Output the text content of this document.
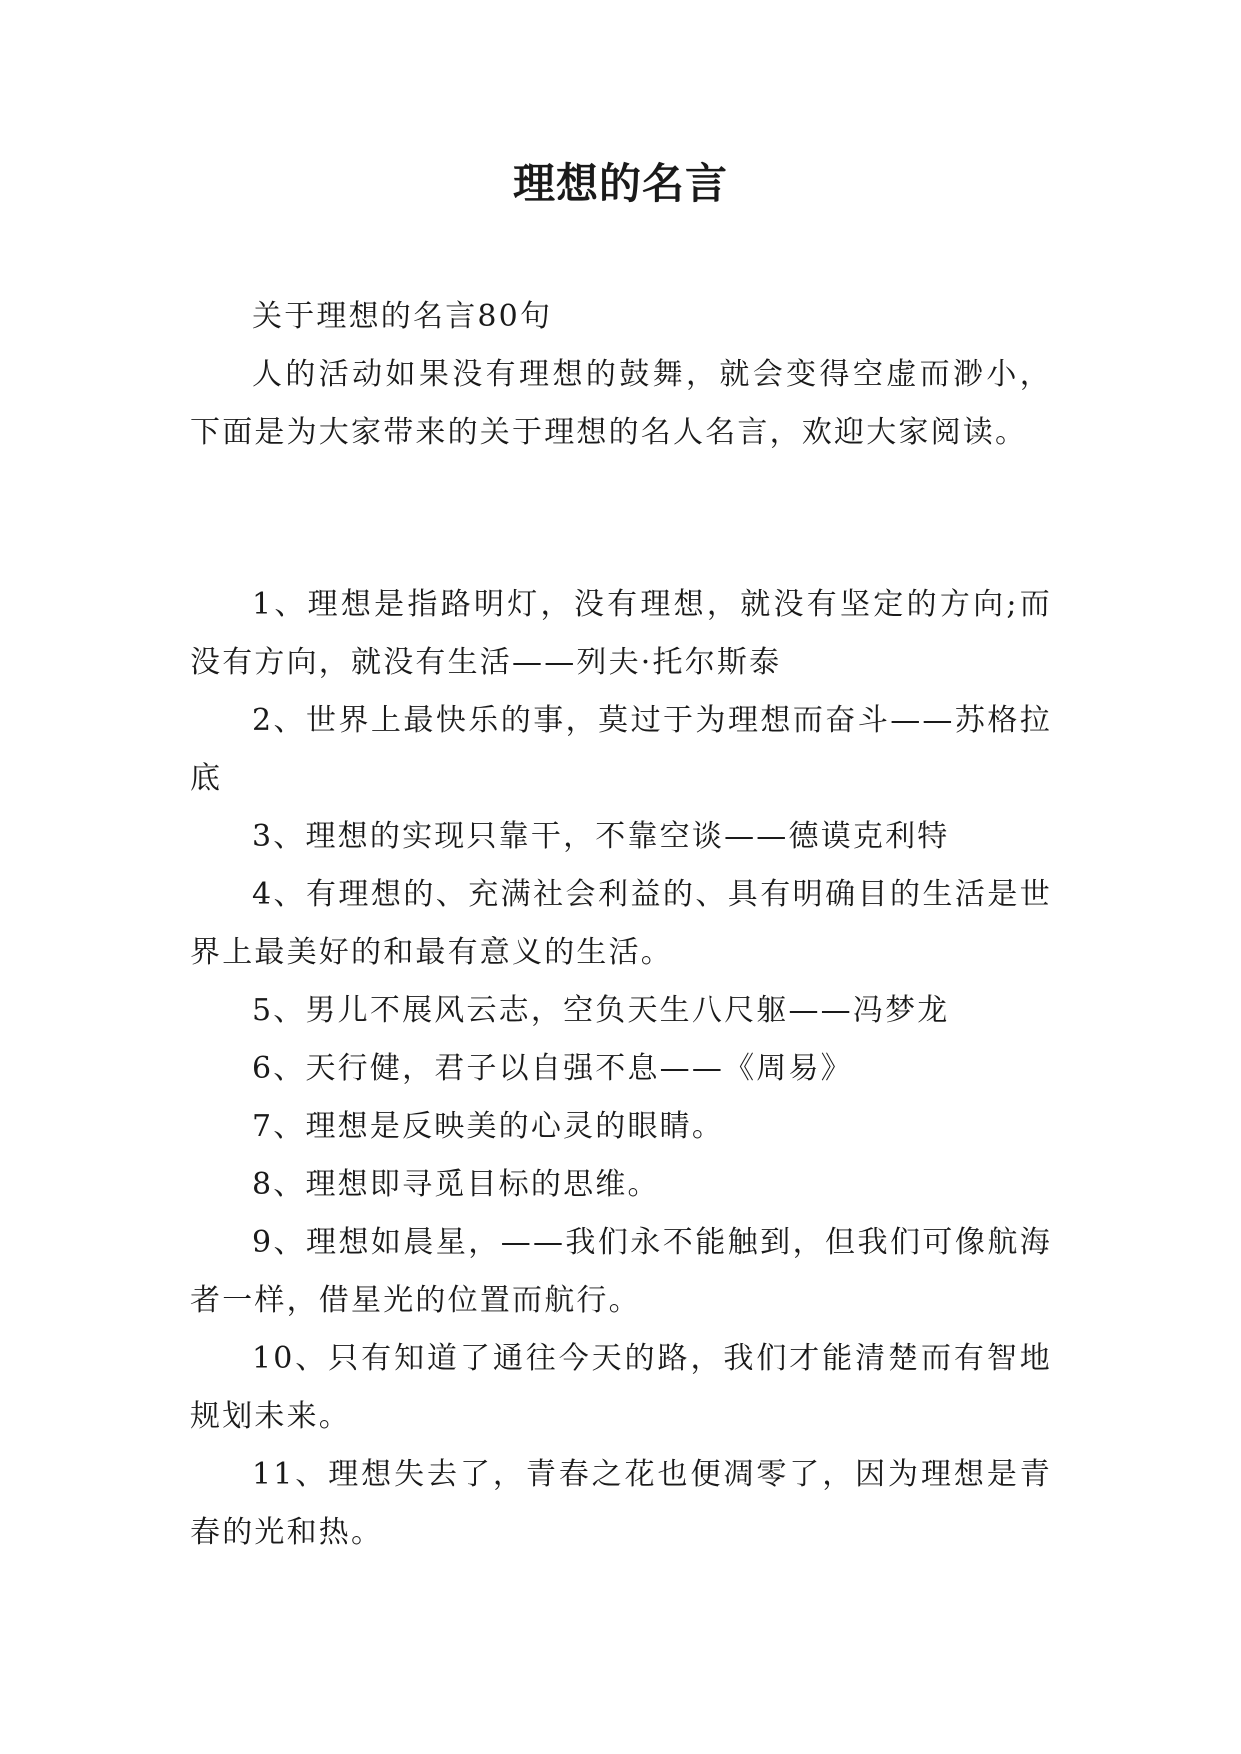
理想的名言

关于理想的名言80句

人的活动如果没有理想的鼓舞，就会变得空虚而渺小，下面是为大家带来的关于理想的名人名言，欢迎大家阅读。

1、理想是指路明灯，没有理想，就没有坚定的方向;而没有方向，就没有生活——列夫·托尔斯泰

2、世界上最快乐的事，莫过于为理想而奋斗——苏格拉底

3、理想的实现只靠干，不靠空谈——德谟克利特

4、有理想的、充满社会利益的、具有明确目的生活是世界上最美好的和最有意义的生活。

5、男儿不展风云志，空负天生八尺躯——冯梦龙

6、天行健，君子以自强不息——《周易》

7、理想是反映美的心灵的眼睛。

8、理想即寻觅目标的思维。

9、理想如晨星，——我们永不能触到，但我们可像航海者一样，借星光的位置而航行。

10、只有知道了通往今天的路，我们才能清楚而有智地规划未来。

11、理想失去了，青春之花也便凋零了，因为理想是青春的光和热。
